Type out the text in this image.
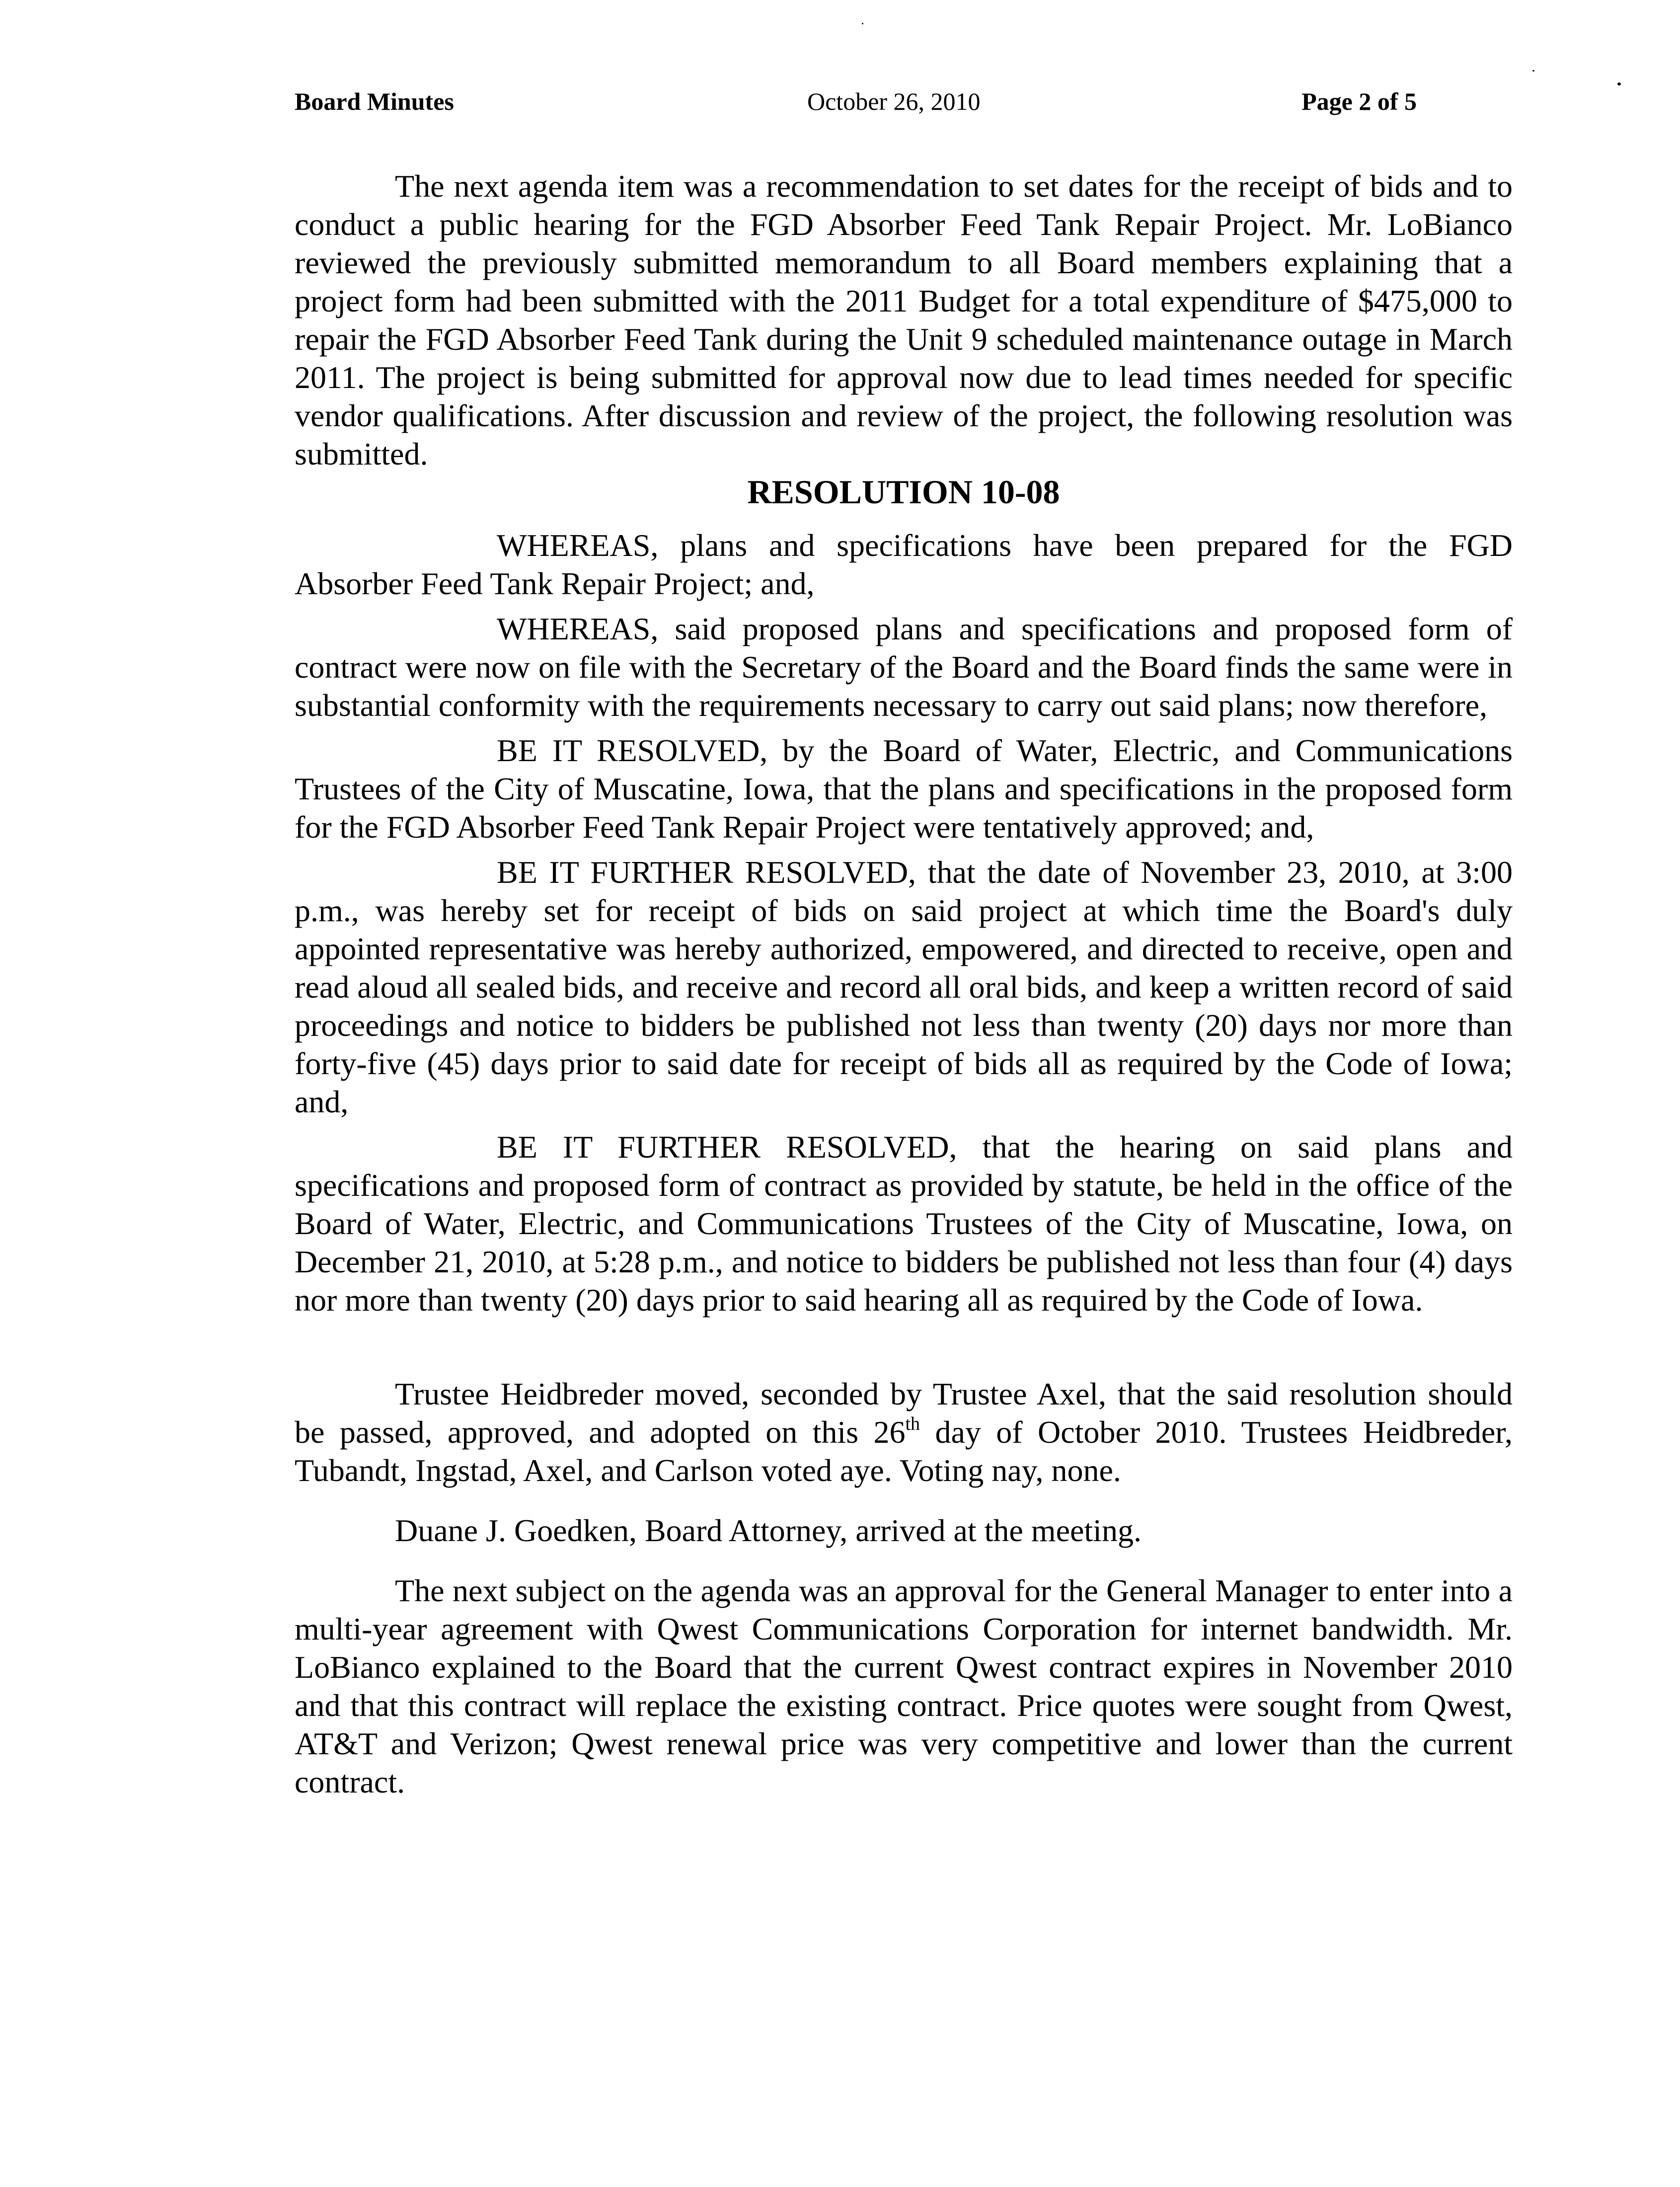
Board Minutes	October 26, 2010	Page 2 of 5

The next agenda item was a recommendation to set dates for the receipt of bids and to conduct a public hearing for the FGD Absorber Feed Tank Repair Project. Mr. LoBianco reviewed the previously submitted memorandum to all Board members explaining that a project form had been submitted with the 2011 Budget for a total expenditure of $475,000 to repair the FGD Absorber Feed Tank during the Unit 9 scheduled maintenance outage in March 2011. The project is being submitted for approval now due to lead times needed for specific vendor qualifications. After discussion and review of the project, the following resolution was submitted.

RESOLUTION 10-08

WHEREAS, plans and specifications have been prepared for the FGD Absorber Feed Tank Repair Project; and,

WHEREAS, said proposed plans and specifications and proposed form of contract were now on file with the Secretary of the Board and the Board finds the same were in substantial conformity with the requirements necessary to carry out said plans; now therefore,

BE IT RESOLVED, by the Board of Water, Electric, and Communications Trustees of the City of Muscatine, Iowa, that the plans and specifications in the proposed form for the FGD Absorber Feed Tank Repair Project were tentatively approved; and,

BE IT FURTHER RESOLVED, that the date of November 23, 2010, at 3:00 p.m., was hereby set for receipt of bids on said project at which time the Board's duly appointed representative was hereby authorized, empowered, and directed to receive, open and read aloud all sealed bids, and receive and record all oral bids, and keep a written record of said proceedings and notice to bidders be published not less than twenty (20) days nor more than forty-five (45) days prior to said date for receipt of bids all as required by the Code of Iowa; and,

BE IT FURTHER RESOLVED, that the hearing on said plans and specifications and proposed form of contract as provided by statute, be held in the office of the Board of Water, Electric, and Communications Trustees of the City of Muscatine, Iowa, on December 21, 2010, at 5:28 p.m., and notice to bidders be published not less than four (4) days nor more than twenty (20) days prior to said hearing all as required by the Code of Iowa.

Trustee Heidbreder moved, seconded by Trustee Axel, that the said resolution should be passed, approved, and adopted on this 26th day of October 2010. Trustees Heidbreder, Tubandt, Ingstad, Axel, and Carlson voted aye. Voting nay, none.

Duane J. Goedken, Board Attorney, arrived at the meeting.

The next subject on the agenda was an approval for the General Manager to enter into a multi-year agreement with Qwest Communications Corporation for internet bandwidth. Mr. LoBianco explained to the Board that the current Qwest contract expires in November 2010 and that this contract will replace the existing contract. Price quotes were sought from Qwest, AT&T and Verizon; Qwest renewal price was very competitive and lower than the current contract.
